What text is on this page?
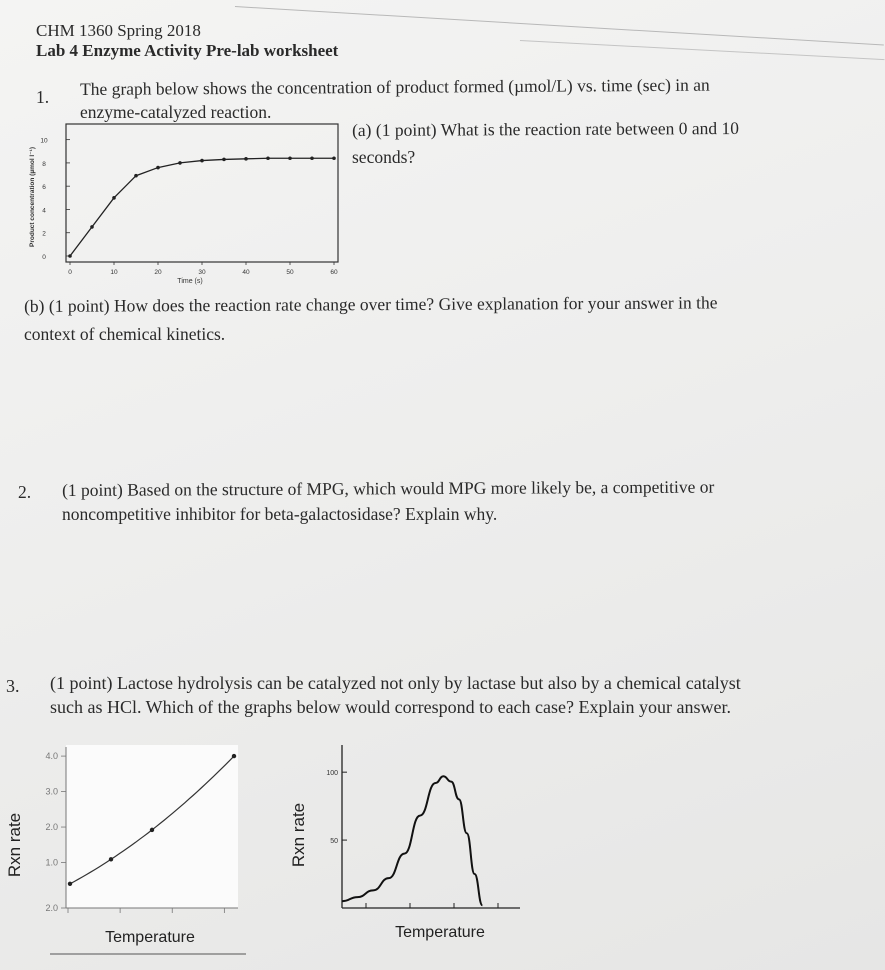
CHM 1360 Spring 2018
Lab 4 Enzyme Activity Pre-lab worksheet
1. The graph below shows the concentration of product formed (µmol/L) vs. time (sec) in an
enzyme-catalyzed reaction.
(a) (1 point) What is the reaction rate between 0 and 10
seconds?
0
2
4
6
8
10
0	10	20	30	40	50	60
Time (s)
Product concentration (µmol l⁻¹)
(b) (1 point) How does the reaction rate change over time? Give explanation for your answer in the
context of chemical kinetics.
2. (1 point) Based on the structure of MPG, which would MPG more likely be, a competitive or
noncompetitive inhibitor for beta-galactosidase? Explain why.
3. (1 point) Lactose hydrolysis can be catalyzed not only by lactase but also by a chemical catalyst
such as HCl. Which of the graphs below would correspond to each case? Explain your answer.
2.0
1.0
2.0
3.0
4.0
Rxn rate
Temperature
100
50
Rxn rate
Temperature
